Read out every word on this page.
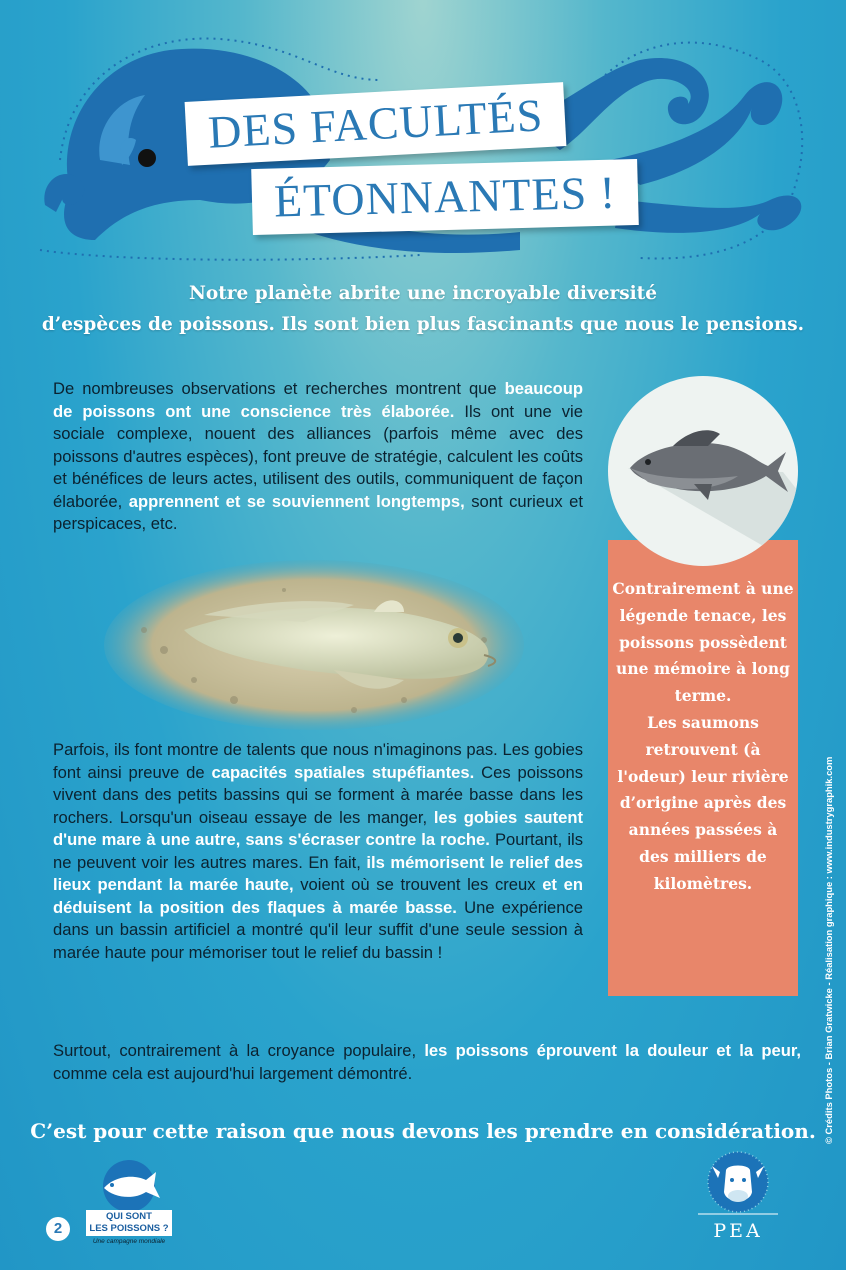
DES FACULTÉS
ÉTONNANTES !

Notre planète abrite une incroyable diversité

d’espèces de poissons. Ils sont bien plus fascinants que nous le pensions.

De nombreuses observations et recherches montrent que beaucoup de poissons ont une conscience très élaborée. Ils ont une vie sociale complexe, nouent des alliances (parfois même avec des poissons d'autres espèces), font preuve de stratégie, calculent les coûts et bénéfices de leurs actes, utilisent des outils, communiquent de façon élaborée, apprennent et se souviennent longtemps, sont curieux et perspicaces, etc.
Parfois, ils font montre de talents que nous n'imaginons pas. Les gobies font ainsi preuve de capacités spatiales stupéfiantes. Ces poissons vivent dans des petits bassins qui se forment à marée basse dans les rochers. Lorsqu'un oiseau essaye de les manger, les gobies sautent d'une mare à une autre, sans s'écraser contre la roche. Pourtant, ils ne peuvent voir les autres mares. En fait, ils mémorisent le relief des lieux pendant la marée haute, voient où se trouvent les creux et en déduisent la position des flaques à marée basse. Une expérience dans un bassin artificiel a montré qu'il leur suffit d'une seule session à marée haute pour mémoriser tout le relief du bassin !

Contrairement à une légende tenace, les poissons possèdent une mémoire à long terme.

Les saumons retrouvent (à l'odeur) leur rivière d’origine après des années passées à des milliers de kilomètres.

Surtout, contrairement à la croyance populaire, les poissons éprouvent la douleur et la peur, comme cela est aujourd'hui largement démontré.
C’est pour cette raison que nous devons les prendre en considération.
2
QUI SONT
LES POISSONS ?
Une campagne mondiale	PEA
